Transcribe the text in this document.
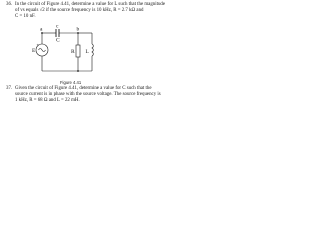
36. In the circuit of Figure 4.41, determine a value for L such that the magnitude
of vs equals √2 if the source frequency is 10 kHz, R = 2.7 kΩ and
C = 10 nF.
a c	b
+
E
C
R L
Figure 4.41
37. Given the circuit of Figure 4.41, determine a value for C such that the
source current is in phase with the source voltage. The source frequency is
1 kHz, R = 68 Ω and L = 22 mH.
